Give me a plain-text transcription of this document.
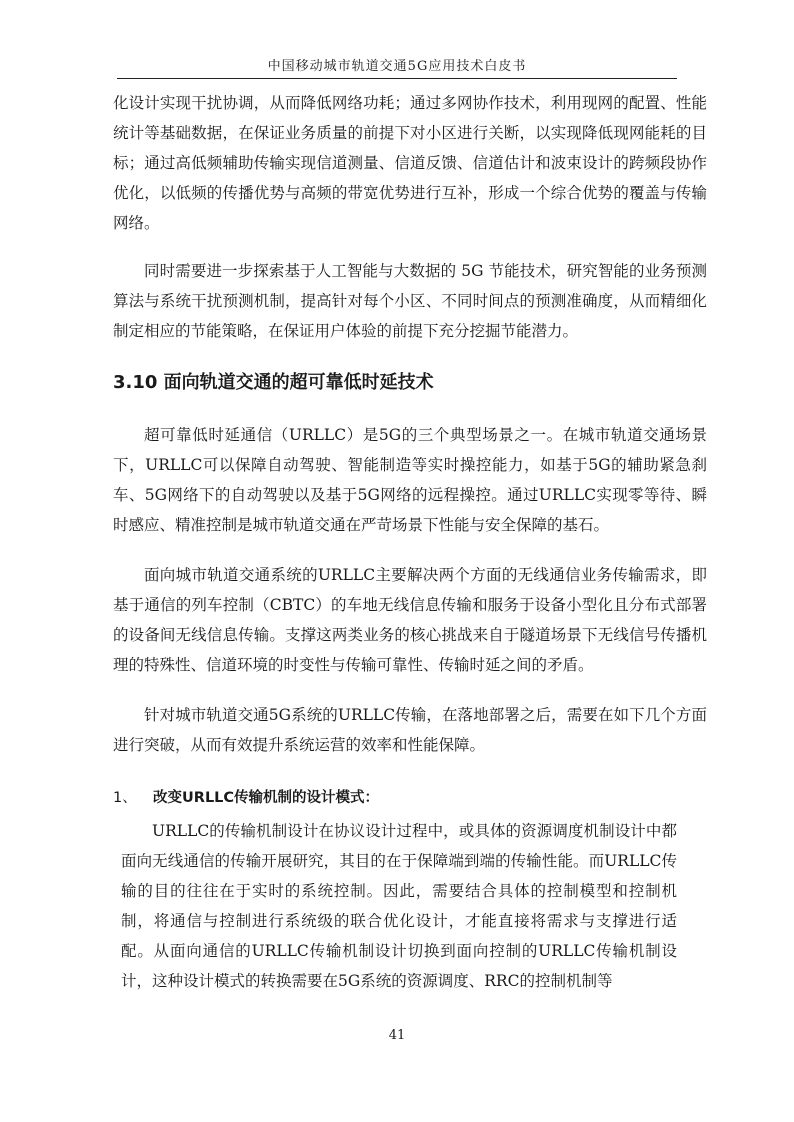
中国移动城市轨道交通5G应用技术白皮书

化设计实现干扰协调，从而降低网络功耗；通过多网协作技术，利用现网的配置、性能统计等基础数据，在保证业务质量的前提下对小区进行关断，以实现降低现网能耗的目标；通过高低频辅助传输实现信道测量、信道反馈、信道估计和波束设计的跨频段协作优化，以低频的传播优势与高频的带宽优势进行互补，形成一个综合优势的覆盖与传输网络。

同时需要进一步探索基于人工智能与大数据的 5G 节能技术，研究智能的业务预测算法与系统干扰预测机制，提高针对每个小区、不同时间点的预测准确度，从而精细化制定相应的节能策略，在保证用户体验的前提下充分挖掘节能潜力。

3.10 面向轨道交通的超可靠低时延技术

超可靠低时延通信（URLLC）是5G的三个典型场景之一。在城市轨道交通场景下，URLLC可以保障自动驾驶、智能制造等实时操控能力，如基于5G的辅助紧急刹车、5G网络下的自动驾驶以及基于5G网络的远程操控。通过URLLC实现零等待、瞬时感应、精准控制是城市轨道交通在严苛场景下性能与安全保障的基石。

面向城市轨道交通系统的URLLC主要解决两个方面的无线通信业务传输需求，即基于通信的列车控制（CBTC）的车地无线信息传输和服务于设备小型化且分布式部署的设备间无线信息传输。支撑这两类业务的核心挑战来自于隧道场景下无线信号传播机理的特殊性、信道环境的时变性与传输可靠性、传输时延之间的矛盾。

针对城市轨道交通5G系统的URLLC传输，在落地部署之后，需要在如下几个方面进行突破，从而有效提升系统运营的效率和性能保障。

1、 改变URLLC传输机制的设计模式：

URLLC的传输机制设计在协议设计过程中，或具体的资源调度机制设计中都面向无线通信的传输开展研究，其目的在于保障端到端的传输性能。而URLLC传输的目的往往在于实时的系统控制。因此，需要结合具体的控制模型和控制机制，将通信与控制进行系统级的联合优化设计，才能直接将需求与支撑进行适配。从面向通信的URLLC传输机制设计切换到面向控制的URLLC传输机制设计，这种设计模式的转换需要在5G系统的资源调度、RRC的控制机制等

41
